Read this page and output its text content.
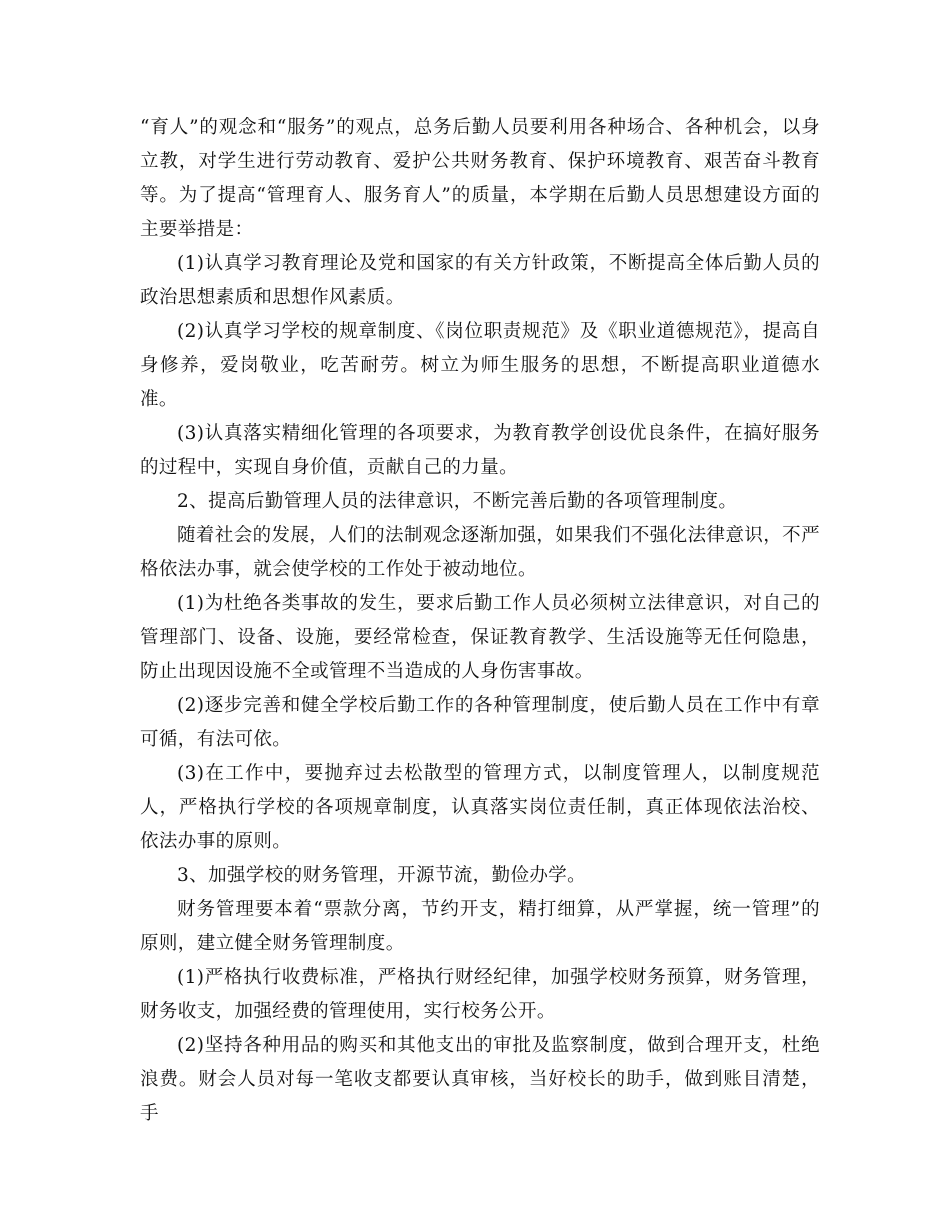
“育人”的观念和“服务”的观点，总务后勤人员要利用各种场合、各种机会，以身立教，对学生进行劳动教育、爱护公共财务教育、保护环境教育、艰苦奋斗教育等。为了提高“管理育人、服务育人”的质量，本学期在后勤人员思想建设方面的主要举措是：

(1)认真学习教育理论及党和国家的有关方针政策，不断提高全体后勤人员的政治思想素质和思想作风素质。

(2)认真学习学校的规章制度、《岗位职责规范》及《职业道德规范》，提高自身修养，爱岗敬业，吃苦耐劳。树立为师生服务的思想，不断提高职业道德水准。

(3)认真落实精细化管理的各项要求，为教育教学创设优良条件，在搞好服务的过程中，实现自身价值，贡献自己的力量。

2、提高后勤管理人员的法律意识，不断完善后勤的各项管理制度。

随着社会的发展，人们的法制观念逐渐加强，如果我们不强化法律意识，不严格依法办事，就会使学校的工作处于被动地位。

(1)为杜绝各类事故的发生，要求后勤工作人员必须树立法律意识，对自己的管理部门、设备、设施，要经常检查，保证教育教学、生活设施等无任何隐患，防止出现因设施不全或管理不当造成的人身伤害事故。

(2)逐步完善和健全学校后勤工作的各种管理制度，使后勤人员在工作中有章可循，有法可依。

(3)在工作中，要抛弃过去松散型的管理方式，以制度管理人，以制度规范人，严格执行学校的各项规章制度，认真落实岗位责任制，真正体现依法治校、依法办事的原则。

3、加强学校的财务管理，开源节流，勤俭办学。

财务管理要本着“票款分离，节约开支，精打细算，从严掌握，统一管理”的原则，建立健全财务管理制度。

(1)严格执行收费标准，严格执行财经纪律，加强学校财务预算，财务管理，财务收支，加强经费的管理使用，实行校务公开。

(2)坚持各种用品的购买和其他支出的审批及监察制度，做到合理开支，杜绝浪费。财会人员对每一笔收支都要认真审核，当好校长的助手，做到账目清楚，手
